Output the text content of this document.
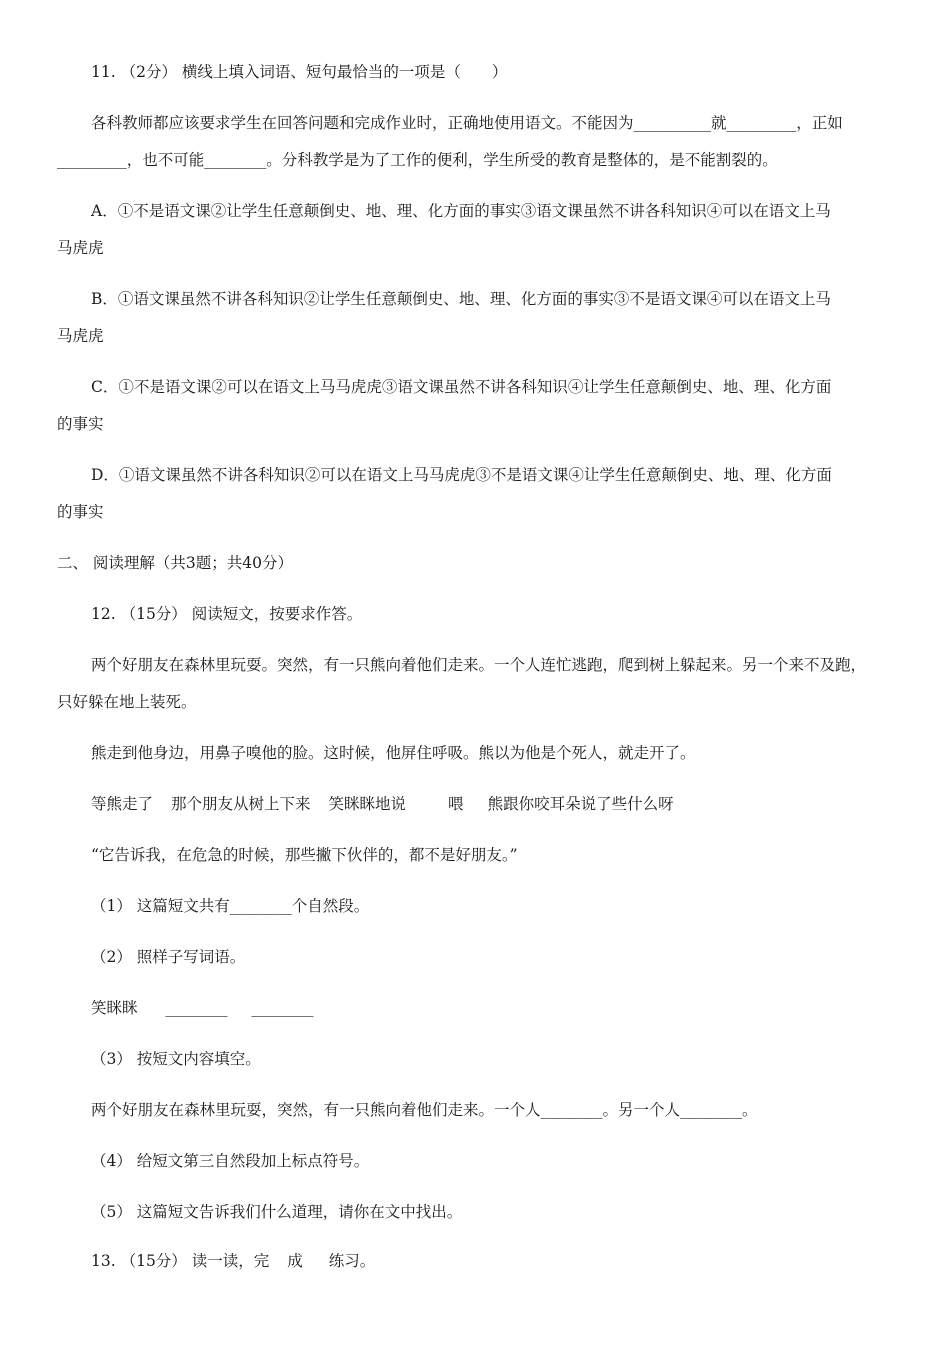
11. （2分） 横线上填入词语、短句最恰当的一项是（　　）
各科教师都应该要求学生在回答问题和完成作业时，正确地使用语文。不能因为__________就_________，正如
_________，也不可能________。分科教学是为了工作的便利，学生所受的教育是整体的，是不能割裂的。
A．①不是语文课②让学生任意颠倒史、地、理、化方面的事实③语文课虽然不讲各科知识④可以在语文上马
马虎虎
B．①语文课虽然不讲各科知识②让学生任意颠倒史、地、理、化方面的事实③不是语文课④可以在语文上马
马虎虎
C．①不是语文课②可以在语文上马马虎虎③语文课虽然不讲各科知识④让学生任意颠倒史、地、理、化方面
的事实
D．①语文课虽然不讲各科知识②可以在语文上马马虎虎③不是语文课④让学生任意颠倒史、地、理、化方面
的事实
二、 阅读理解（共3题；共40分）
12. （15分） 阅读短文，按要求作答。
两个好朋友在森林里玩耍。突然，有一只熊向着他们走来。一个人连忙逃跑，爬到树上躲起来。另一个来不及跑，
只好躲在地上装死。
熊走到他身边，用鼻子嗅他的脸。这时候，他屏住呼吸。熊以为他是个死人，就走开了。
等熊走了 那个朋友从树上下来 笑眯眯地说	喂 熊跟你咬耳朵说了些什么呀
“它告诉我，在危急的时候，那些撇下伙伴的，都不是好朋友。”
（1） 这篇短文共有________个自然段。
（2） 照样子写词语。
笑眯眯 ________ ________
（3） 按短文内容填空。
两个好朋友在森林里玩耍，突然，有一只熊向着他们走来。一个人________。另一个人________。
（4） 给短文第三自然段加上标点符号。
（5） 这篇短文告诉我们什么道理，请你在文中找出。
13. （15分） 读一读，完 成 练习。
